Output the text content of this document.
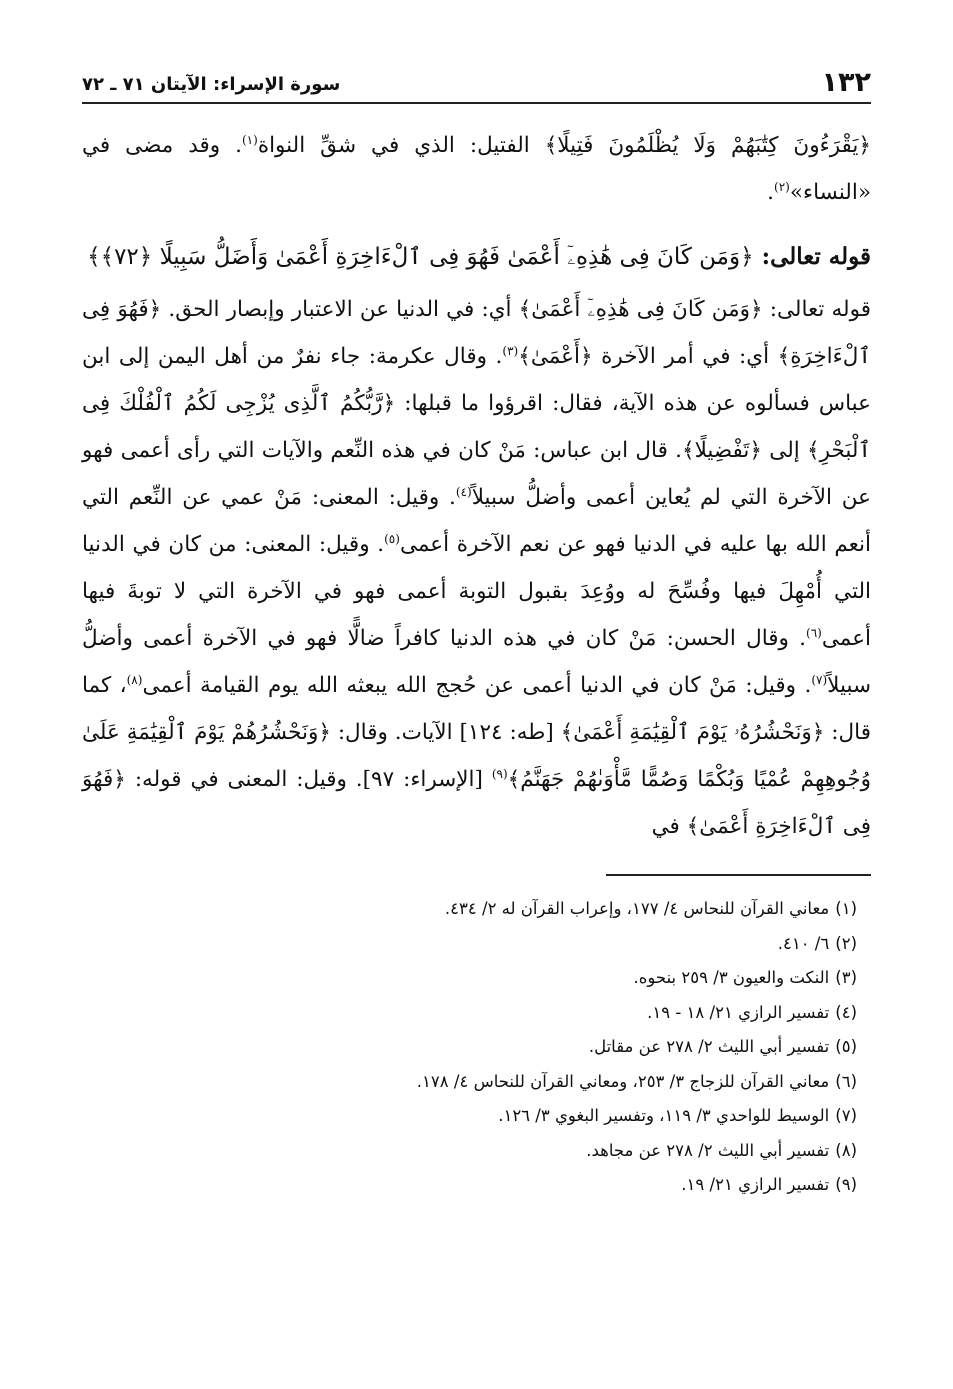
١٣٢
سورة الإسراء: الآيتان ٧١ ـ ٧٢

﴿يَقْرَءُونَ كِتَٰبَهُمْ وَلَا يُظْلَمُونَ فَتِيلًا﴾ الفتيل: الذي في شقِّ النواة$^{(١)}$. وقد مضى في «النساء»$^{(٢)}$.

قوله تعالى: ﴿وَمَن كَانَ فِى هَٰذِهِۦٓ أَعْمَىٰ فَهُوَ فِى ٱلْءَاخِرَةِ أَعْمَىٰ وَأَضَلُّ سَبِيلًا ﴿٧٢﴾﴾

قوله تعالى: ﴿وَمَن كَانَ فِى هَٰذِهِۦٓ أَعْمَىٰ﴾ أي: في الدنيا عن الاعتبار وإبصار الحق. ﴿فَهُوَ فِى ٱلْءَاخِرَةِ﴾ أي: في أمر الآخرة ﴿أَعْمَىٰ﴾$^{(٣)}$. وقال عكرمة: جاء نفرٌ من أهل اليمن إلى ابن عباس فسألوه عن هذه الآية، فقال: اقرؤوا ما قبلها: ﴿رَّبُّكُمُ ٱلَّذِى يُزْجِى لَكُمُ ٱلْفُلْكَ فِى ٱلْبَحْرِ﴾ إلى ﴿تَفْضِيلًا﴾. قال ابن عباس: مَنْ كان في هذه النِّعم والآيات التي رأى أعمى فهو عن الآخرة التي لم يُعاين أعمى وأضلُّ سبيلاً$^{(٤)}$. وقيل: المعنى: مَنْ عمي عن النِّعم التي أنعم الله بها عليه في الدنيا فهو عن نعم الآخرة أعمى$^{(٥)}$. وقيل: المعنى: من كان في الدنيا التي أُمْهِلَ فيها وفُسِّحَ له ووُعِدَ بقبول التوبة أعمى فهو في الآخرة التي لا توبةَ فيها أعمى$^{(٦)}$. وقال الحسن: مَنْ كان في هذه الدنيا كافراً ضالًّا فهو في الآخرة أعمى وأضلُّ سبيلاً$^{(٧)}$. وقيل: مَنْ كان في الدنيا أعمى عن حُجج الله يبعثه الله يوم القيامة أعمى$^{(٨)}$، كما قال: ﴿وَنَحْشُرُهُۥ يَوْمَ ٱلْقِيَٰمَةِ أَعْمَىٰ﴾ [طه: ١٢٤] الآيات. وقال: ﴿وَنَحْشُرُهُمْ يَوْمَ ٱلْقِيَٰمَةِ عَلَىٰ وُجُوهِهِمْ عُمْيًا وَبُكْمًا وَصُمًّا مَّأْوَىٰهُمْ جَهَنَّمُ﴾$^{(٩)}$ [الإسراء: ٩٧]. وقيل: المعنى في قوله: ﴿فَهُوَ فِى ٱلْءَاخِرَةِ أَعْمَىٰ﴾ في

(١)معاني القرآن للنحاس ٤/ ١٧٧، وإعراب القرآن له ٢/ ٤٣٤.
(٢)٦/ ٤١٠.
(٣)النكت والعيون ٣/ ٢٥٩ بنحوه.
(٤)تفسير الرازي ٢١/ ١٨ - ١٩.
(٥)تفسير أبي الليث ٢/ ٢٧٨ عن مقاتل.
(٦)معاني القرآن للزجاج ٣/ ٢٥٣، ومعاني القرآن للنحاس ٤/ ١٧٨.
(٧)الوسيط للواحدي ٣/ ١١٩، وتفسير البغوي ٣/ ١٢٦.
(٨)تفسير أبي الليث ٢/ ٢٧٨ عن مجاهد.
(٩)تفسير الرازي ٢١/ ١٩.
